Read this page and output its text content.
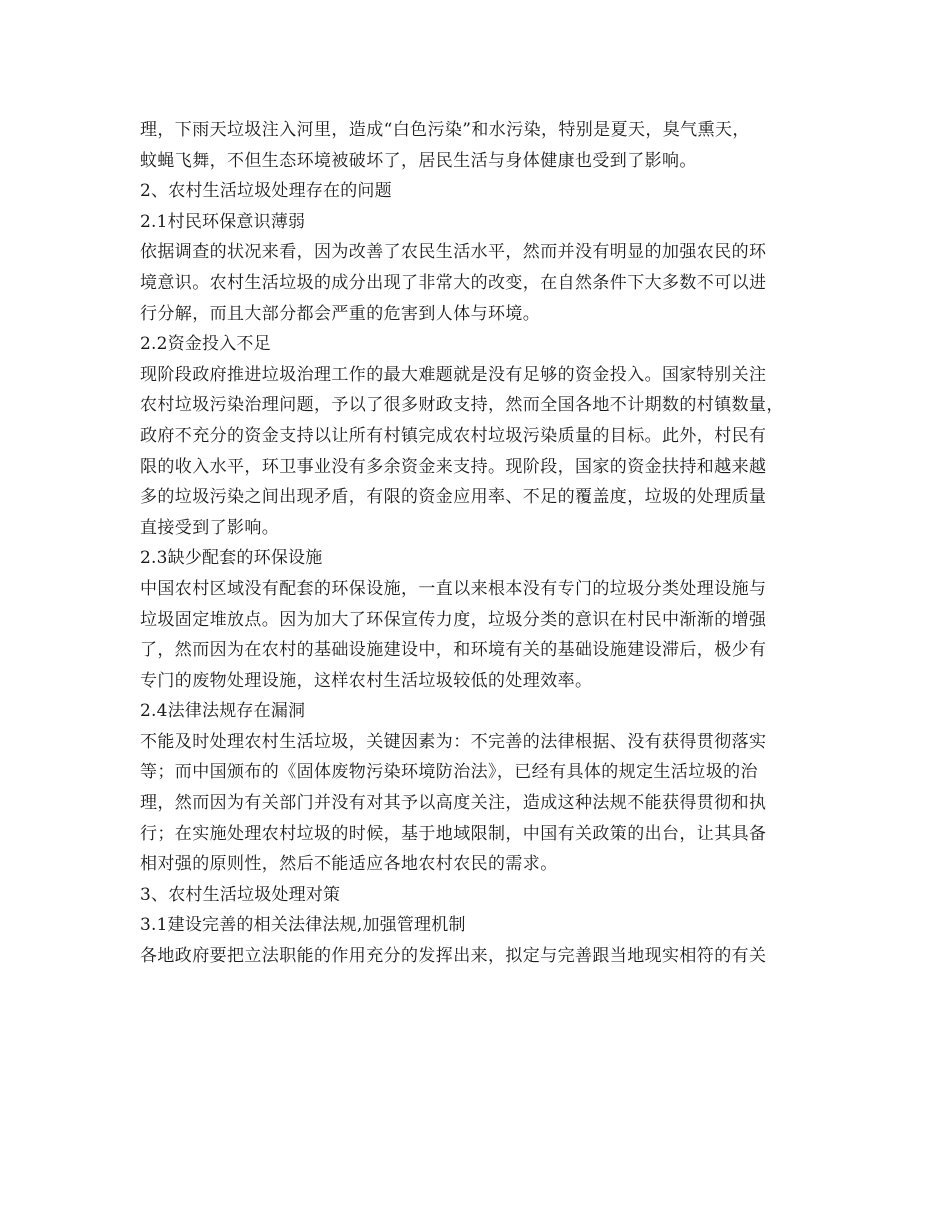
理，下雨天垃圾注入河里，造成“白色污染”和水污染，特别是夏天，臭气熏天，
蚊蝇飞舞，不但生态环境被破坏了，居民生活与身体健康也受到了影响。
2、农村生活垃圾处理存在的问题
2.1村民环保意识薄弱
依据调查的状况来看，因为改善了农民生活水平，然而并没有明显的加强农民的环
境意识。农村生活垃圾的成分出现了非常大的改变，在自然条件下大多数不可以进
行分解，而且大部分都会严重的危害到人体与环境。
2.2资金投入不足
现阶段政府推进垃圾治理工作的最大难题就是没有足够的资金投入。国家特别关注
农村垃圾污染治理问题，予以了很多财政支持，然而全国各地不计期数的村镇数量，
政府不充分的资金支持以让所有村镇完成农村垃圾污染质量的目标。此外，村民有
限的收入水平，环卫事业没有多余资金来支持。现阶段，国家的资金扶持和越来越
多的垃圾污染之间出现矛盾，有限的资金应用率、不足的覆盖度，垃圾的处理质量
直接受到了影响。
2.3缺少配套的环保设施
中国农村区域没有配套的环保设施，一直以来根本没有专门的垃圾分类处理设施与
垃圾固定堆放点。因为加大了环保宣传力度，垃圾分类的意识在村民中渐渐的增强
了，然而因为在农村的基础设施建设中，和环境有关的基础设施建设滞后，极少有
专门的废物处理设施，这样农村生活垃圾较低的处理效率。
2.4法律法规存在漏洞
不能及时处理农村生活垃圾，关键因素为：不完善的法律根据、没有获得贯彻落实
等；而中国颁布的《固体废物污染环境防治法》，已经有具体的规定生活垃圾的治
理，然而因为有关部门并没有对其予以高度关注，造成这种法规不能获得贯彻和执
行；在实施处理农村垃圾的时候，基于地域限制，中国有关政策的出台，让其具备
相对强的原则性，然后不能适应各地农村农民的需求。
3、农村生活垃圾处理对策
3.1建设完善的相关法律法规,加强管理机制
各地政府要把立法职能的作用充分的发挥出来，拟定与完善跟当地现实相符的有关
